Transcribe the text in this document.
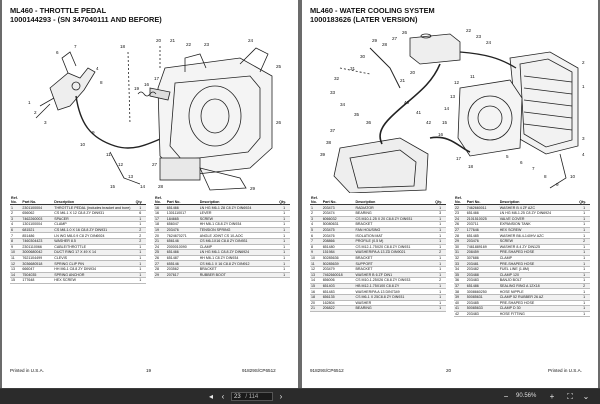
ML460 - THROTTLE PEDAL
1000144293 - (SN 347040111 AND BEFORE)
1
2
3
4
6
7
8
9
10
11
12
13
14
15
16
17
18
19
20 21
22	23
24
25
26
27
28	29
Ref.
No.	Part No.	Description	Qty.
1	2301100004	THROTTLE PEDAL (includes bracket and bore)	1
2	656062	CS M6-1 X 12 C8.8 ZY DIN931	6
3	7462260003	SPACER	1
4	1301100004	CLAMP	1
6	681521	CS M8-1.0 X 16 C8.8 ZY DIN931	2
7	851486	LN WG M8-0.9 C8 ZY DIN6924	2
8	7460304423	WASHER 8.5	2
9	2301110066	CABLE/THROTTLE	1
10	3000680042	DUCT RING 17 X 49 X 14	1
11	7621104499	CLEVIS	1
12	3036680518	SPRING CLIP PIN	1
13	666047	HH M6-1 C8.8 ZY DIN934	1
14	7504035	SPRING ANCHOR	1
15	177648	HEX SCREW	1
Ref.
No.	Part No.	Description	Qty.
16	651466	LN HG M6-1 Z8 C8 ZY DIN6924	1
16	1301110017	LEVER	1
17	184665	SCREW	1
18	656047	HH M6-1 C8.8 ZY DIN934	1
19	203476	TENSION SPRING	1
20	7624670271	ANGLE JOINT CS 10-AOC	1
21	656146	CS M6-1X16 C8.8 ZY DIN931	1
24	2000010090	CLAMP	1
25	651466	LN HG M6-1 C8.8 ZY DIN6924	1
26	651487	HH M6-1 C8 ZY DIN934	1
27	655146	CS M6-1 X 16 C8.8 ZY DIN912	1
28	203562	BRACKET	1
29	207617	RUBBER BOOT	1
Printed in U.S.A.	19	91829S/CP6512
ML460 - WATER COOLING SYSTEM
1000183626 (LATER VERSION)
1
2
3
4
5
6
7
8
9
10
11
12
13
14
15
16
17
18
20
21
22
23
24
26
27
28
29
30
31
32
33
34
35
36
37
38
39
40
41
42
Ref.
No.	Part No.	Description	Qty.
1	203473	RADIATOR	1
2	203474	BEARING	3
3	6066032	CS M10-1.25 X 20 C8.8 ZY DIN931	1
4	50080631	BRACKET	1
5	203475	FAN HOUSING	1
6	203476	ISOLATION MAT	1
7	208866	PROFILE (0.5 M)	1
8	651480	CS M12-1.75X20 C8.8 ZY DIN931	1
9	151984	WASHER/PA A 13 ZD DIN9021	2
10	50285636	BRACKET	1
11	50285639	SUPPORT	1
12	203479	BRACKET	1
13	7462660018	WASHER B 6 ZF DIN1	1
14	656006	CS M10-1.25X26 C8.8 ZY DIN933	2
15	651403	HB M12-1.75X100 C8.8 ZY	1
16	651483	WASHER/PA A 13 DIN7349	1
18	656135	CS M6-1 X 25C8.8 ZY DIN931	1
20	162804	WASHER	1
21	206822	BEARING	1
Ref.
No.	Part No.	Description	Qty.
22	7462660011	WASHER B 4 ZF AZC	1
23	651466	LN HG M8-1.25 C8 ZY DIN6924	1
24	2101510025	VALVE COVER	1
26	203711	EXPANSION TANK	1
27	177646	HEX SCREW	1
28	651485	WASHER B6.4-140HV AZC	1
29	203476	SCREW	2
30	7461889169	WASHER 8.4 ZY DIN125	1
31	208459	PRE-SHAPED HOSE	1
32	307686	CLAMP	1
33	203481	PRE-SHAPED HOSE	1
34	203482	FUEL LINE (1.8M)	1
35	203488	CLAMP 120	1
36	203483	BANJO BOLT	1
37	651486	SEALING RING A 12X18	2
38	3008660250	HOSE NIPPLE	1
39	50085631	CLAMP 52 RUBBER 26 AZ	1
40	203485	PRE-SHAPED HOSE	1
41	50085633	CLAMP D 30	1
42	203483	HOSE FITTING	1
91829S/CP6512	20	Printed in U.S.A.
◂	‹	23 / 114	›	−	90.56%	+	⛶	⌄
